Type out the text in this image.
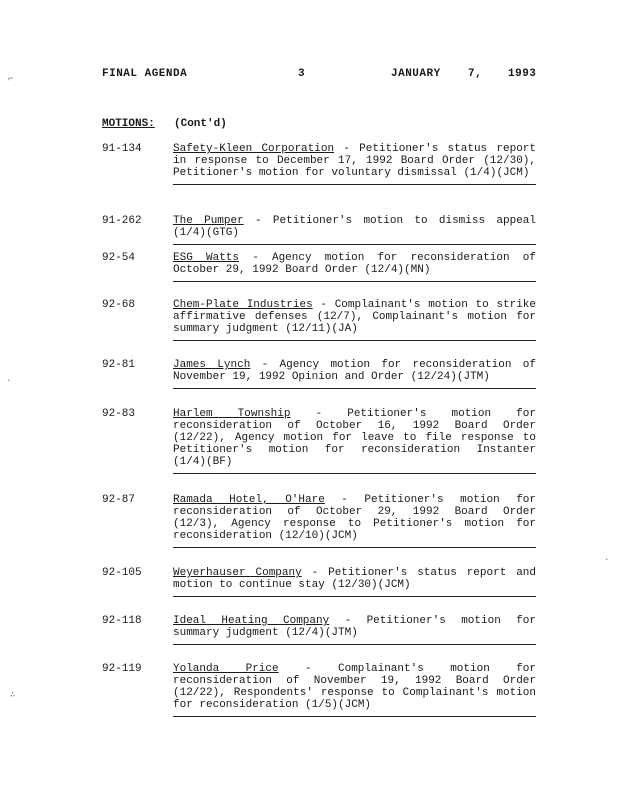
FINAL AGENDA	3	JANUARY 7, 1993
MOTIONS: (Cont'd)
91-134	Safety-Kleen Corporation - Petitioner's status report in response to December 17, 1992 Board Order (12/30), Petitioner's motion for voluntary dismissal (1/4)(JCM)
91-262	The Pumper - Petitioner's motion to dismiss appeal (1/4)(GTG)
92-54	ESG Watts - Agency motion for reconsideration of October 29, 1992 Board Order (12/4)(MN)
92-68	Chem-Plate Industries - Complainant's motion to strike affirmative defenses (12/7), Complainant's motion for summary judgment (12/11)(JA)
92-81	James Lynch - Agency motion for reconsideration of November 19, 1992 Opinion and Order (12/24)(JTM)
92-83	Harlem Township - Petitioner's motion for reconsideration of October 16, 1992 Board Order (12/22), Agency motion for leave to file response to Petitioner's motion for reconsideration Instanter (1/4)(BF)
92-87	Ramada Hotel, O'Hare - Petitioner's motion for reconsideration of October 29, 1992 Board Order (12/3), Agency response to Petitioner's motion for reconsideration (12/10)(JCM)
92-105	Weyerhauser Company - Petitioner's status report and motion to continue stay (12/30)(JCM)
92-118	Ideal Heating Company - Petitioner's motion for summary judgment (12/4)(JTM)
92-119	Yolanda Price - Complainant's motion for reconsideration of November 19, 1992 Board Order (12/22), Respondents' response to Complainant's motion for reconsideration (1/5)(JCM)
⌐
·
∴
·
